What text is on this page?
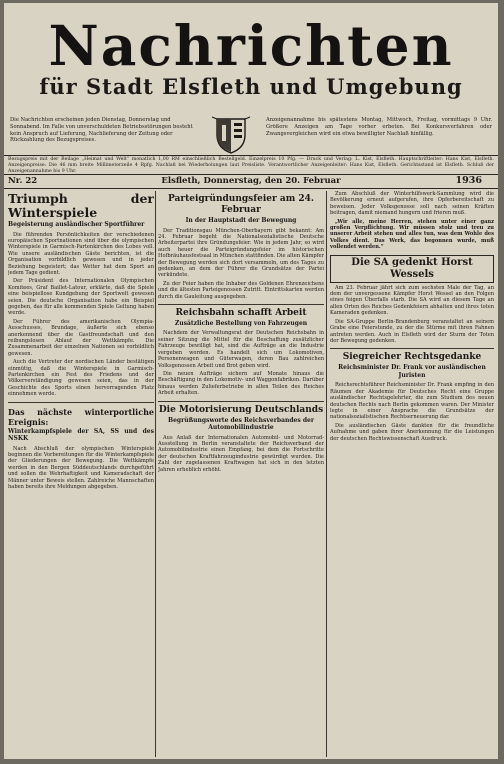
Nachrichten
für Stadt Elsfleth und Umgebung
Die Nachrichten erscheinen jeden Dienstag, Donnerstag und Sonnabend. Im Falle von unverschuldeten Betriebsstörungen besteht kein Anspruch auf Lieferung, Nachlieferung der Zeitung oder Rückzahlung des Bezugspreises.
Anzeigenannahme bis spätestens Montag, Mittwoch, Freitag, vormittags 9 Uhr. Größere Anzeigen am Tage vorher erbeten. Bei Konkursverfahren oder Zwangsvergleichen wird ein etwa bewilligter Nachlaß hinfällig.
Bezugspreis mit der Beilage „Heimat und Welt“ monatlich 1,00 RM einschließlich Bestellgeld. Einzelpreis 10 Pfg. — Druck und Verlag: L. Kist, Elsfleth. Hauptschriftleiter: Hans Kist, Elsfleth. Anzeigenpreise: Die 46 mm breite Millimeterzeile 4 Rpfg. Nachlaß bei Wiederholungen laut Preisliste. Verantwortlicher Anzeigenleiter: Hans Kist, Elsfleth. Gerichtsstand ist Elsfleth. Schluß der Anzeigenannahme bis 9 Uhr.
Nr. 22	Elsfleth, Donnerstag, den 20. Februar	1936
Triumph der Winterspiele
Begeisterung ausländischer Sportführer

Die führenden Persönlichkeiten der verschiedenen europäischen Sportnationen sind über die olympischen Winterspiele in Garmisch-Partenkirchen des Lobes voll. Wie unsere ausländischen Gäste berichten, ist die Organisation vorbildlich gewesen und in jeder Beziehung begeistert; das Wetter hat dem Sport an jedem Tage gedient.

Der Präsident des Internationalen Olympischen Komitees, Graf Baillet-Latour, erklärte, daß die Spiele eine beispiellose Kundgebung der Sportwelt gewesen seien. Die deutsche Organisation habe ein Beispiel gegeben, das für alle kommenden Spiele Geltung haben werde.

Der Führer des amerikanischen Olympia-Ausschusses, Brundage, äußerte sich ebenso anerkennend über die Gastfreundschaft und den reibungslosen Ablauf der Wettkämpfe. Die Zusammenarbeit der einzelnen Nationen sei vorbildlich gewesen.

Auch die Vertreter der nordischen Länder bestätigen einmütig, daß die Winterspiele in Garmisch-Partenkirchen ein Fest des Friedens und der Völkerverständigung gewesen seien, das in der Geschichte des Sports einen hervorragenden Platz einnehmen werde.

Das nächste winterportliche Ereignis:
Winterkampfspiele der SA, SS und des NSKK

Nach Abschluß der olympischen Winterspiele beginnen die Vorbereitungen für die Winterkampfspiele der Gliederungen der Bewegung. Die Wettkämpfe werden in den Bergen Süddeutschlands durchgeführt und sollen die Wehrhaftigkeit und Kameradschaft der Männer unter Beweis stellen. Zahlreiche Mannschaften haben bereits ihre Meldungen abgegeben.

Parteigründungsfeier am 24. Februar
In der Hauptstadt der Bewegung

Der Traditionsgau München-Oberbayern gibt bekannt: Am 24. Februar begeht die Nationalsozialistische Deutsche Arbeiterpartei ihre Gründungsfeier. Wie in jedem Jahr, so wird auch heuer die Parteigründungsfeier im historischen Hofbräuhausfestsaal in München stattfinden. Die alten Kämpfer der Bewegung werden sich dort versammeln, um des Tages zu gedenken, an dem der Führer die Grundsätze der Partei verkündete.

Zu der Feier haben die Inhaber des Goldenen Ehrenzeichens und die ältesten Parteigenossen Zutritt. Eintrittskarten werden durch die Gauleitung ausgegeben.

Reichsbahn schafft Arbeit
Zusätzliche Bestellung von Fahrzeugen

Nachdem der Verwaltungsrat der Deutschen Reichsbahn in seiner Sitzung die Mittel für die Beschaffung zusätzlicher Fahrzeuge bewilligt hat, sind die Aufträge an die Industrie vergeben worden. Es handelt sich um Lokomotiven, Personenwagen und Güterwagen, deren Bau zahlreichen Volksgenossen Arbeit und Brot geben wird.

Die neuen Aufträge sichern auf Monate hinaus die Beschäftigung in den Lokomotiv- und Waggonfabriken. Darüber hinaus werden Zulieferbetriebe in allen Teilen des Reiches Arbeit erhalten.

Die Motorisierung Deutschlands
Begrüßungsworte des Reichsverbandes der Automobilindustrie

Aus Anlaß der Internationalen Automobil- und Motorrad-Ausstellung in Berlin veranstaltete der Reichsverband der Automobilindustrie einen Empfang, bei dem die Fortschritte der deutschen Kraftfahrzeugindustrie gewürdigt wurden. Die Zahl der zugelassenen Kraftwagen hat sich in den letzten Jahren erheblich erhöht.

Zum Abschluß der Winterhilfswerk-Sammlung wird die Bevölkerung erneut aufgerufen, ihre Opferbereitschaft zu beweisen. Jeder Volksgenosse soll nach seinen Kräften beitragen, damit niemand hungern und frieren muß.

„Wir alle, meine Herren, stehen unter einer ganz großen Verpflichtung. Wir müssen stolz und treu zu unserer Arbeit stehen und alles tun, was dem Wohle des Volkes dient. Das Werk, das begonnen wurde, muß vollendet werden.“

Die SA gedenkt Horst Wessels

Am 23. Februar jährt sich zum sechsten Male der Tag, an dem der unvergessene Kämpfer Horst Wessel an den Folgen eines feigen Überfalls starb. Die SA wird an diesem Tage an allen Orten des Reiches Gedenkfeiern abhalten und ihres toten Kameraden gedenken.

Die SA-Gruppe Berlin-Brandenburg veranstaltet an seinem Grabe eine Feierstunde, zu der die Stürme mit ihren Fahnen antreten werden. Auch in Elsfleth wird der Sturm der Toten der Bewegung gedenken.

Siegreicher Rechtsgedanke
Reichsminister Dr. Frank vor ausländischen Juristen

Reichsrechtsführer Reichsminister Dr. Frank empfing in den Räumen der Akademie für Deutsches Recht eine Gruppe ausländischer Rechtsgelehrter, die zum Studium des neuen deutschen Rechts nach Berlin gekommen waren. Der Minister legte in einer Ansprache die Grundsätze der nationalsozialistischen Rechtserneuerung dar.

Die ausländischen Gäste dankten für die freundliche Aufnahme und gaben ihrer Anerkennung für die Leistungen der deutschen Rechtswissenschaft Ausdruck.
